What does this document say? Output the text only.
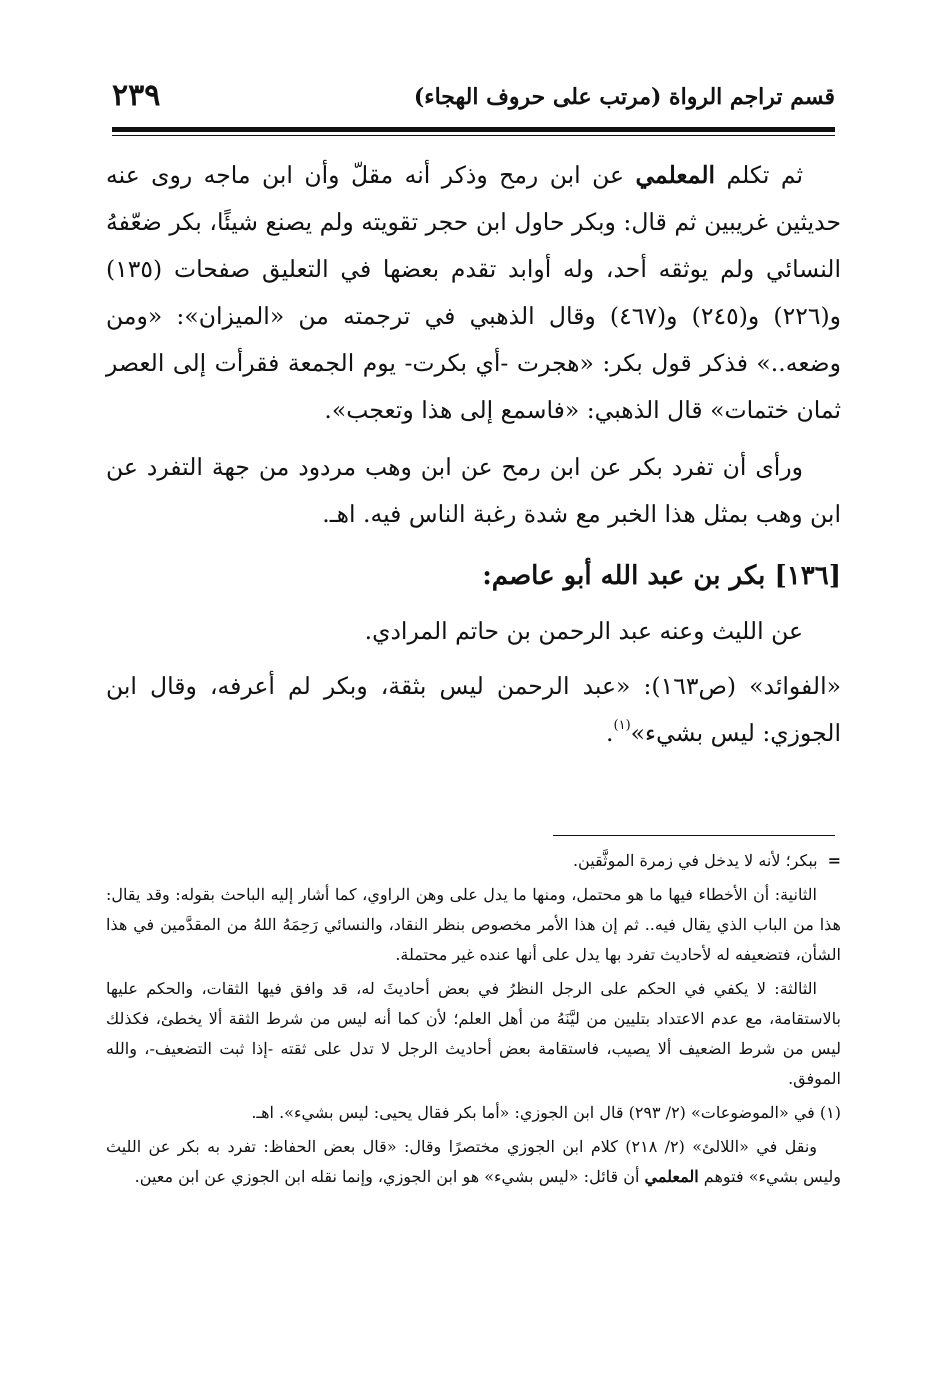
قسم تراجم الرواة (مرتب على حروف الهجاء)
٢٣٩

ثم تكلم المعلمي عن ابن رمح وذكر أنه مقلّ وأن ابن ماجه روى عنه حديثين غريبين ثم قال: وبكر حاول ابن حجر تقويته ولم يصنع شيئًا، بكر ضعّفهُ النسائي ولم يوثقه أحد، وله أوابد تقدم بعضها في التعليق صفحات (١٣٥) و(٢٢٦) و(٢٤٥) و(٤٦٧) وقال الذهبي في ترجمته من «الميزان»: «ومن وضعه..» فذكر قول بكر: «هجرت -أي بكرت- يوم الجمعة فقرأت إلى العصر ثمان ختمات» قال الذهبي: «فاسمع إلى هذا وتعجب».

ورأى أن تفرد بكر عن ابن رمح عن ابن وهب مردود من جهة التفرد عن ابن وهب بمثل هذا الخبر مع شدة رغبة الناس فيه. اهـ.

[١٣٦] بكر بن عبد الله أبو عاصم:

عن الليث وعنه عبد الرحمن بن حاتم المرادي.

«الفوائد» (ص١٦٣): «عبد الرحمن ليس بثقة، وبكر لم أعرفه، وقال ابن الجوزي: ليس بشيء»$^{(١)}$.

=ببكر؛ لأنه لا يدخل في زمرة الموثَّقين.

الثانية: أن الأخطاء فيها ما هو محتمل، ومنها ما يدل على وهن الراوي، كما أشار إليه الباحث بقوله: وقد يقال: هذا من الباب الذي يقال فيه.. ثم إن هذا الأمر مخصوص بنظر النقاد، والنسائي رَحِمَهُ اللهُ من المقدَّمين في هذا الشأن، فتضعيفه له لأحاديث تفرد بها يدل على أنها عنده غير محتملة.

الثالثة: لا يكفي في الحكم على الرجل النظرُ في بعض أحاديثَ له، قد وافق فيها الثقات، والحكم عليها بالاستقامة، مع عدم الاعتداد بتليين من ليَّنَهُ من أهل العلم؛ لأن كما أنه ليس من شرط الثقة ألا يخطئ، فكذلك ليس من شرط الضعيف ألا يصيب، فاستقامة بعض أحاديث الرجل لا تدل على ثقته -إذا ثبت التضعيف-، والله الموفق.

(١) في «الموضوعات» (٢/ ٢٩٣) قال ابن الجوزي: «أما بكر فقال يحيى: ليس بشيء». اهـ.

ونقل في «اللالئ» (٢/ ٢١٨) كلام ابن الجوزي مختصرًا وقال: «قال بعض الحفاظ: تفرد به بكر عن الليث وليس بشيء» فتوهم المعلمي أن قائل: «ليس بشيء» هو ابن الجوزي، وإنما نقله ابن الجوزي عن ابن معين.
